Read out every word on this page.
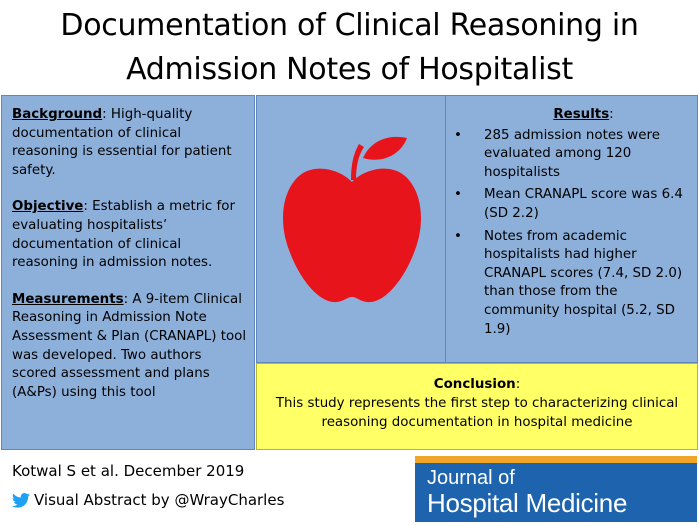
Documentation of Clinical Reasoning in
Admission Notes of Hospitalist

Background: High-quality documentation of clinical reasoning is essential for patient safety.

Objective: Establish a metric for evaluating hospitalists’ documentation of clinical reasoning in admission notes.

Measurements: A 9-item Clinical Reasoning in Admission Note Assessment & Plan (CRANAPL) tool was developed. Two authors scored assessment and plans (A&Ps) using this tool

Results:
• 285 admission notes were evaluated among 120 hospitalists
• Mean CRANAPL score was 6.4 (SD 2.2)
• Notes from academic hospitalists had higher CRANAPL scores (7.4, SD 2.0) than those from the community hospital (5.2, SD 1.9)
Conclusion:
This study represents the first step to characterizing clinical reasoning documentation in hospital medicine
Kotwal S et al. December 2019
Visual Abstract by @WrayCharles
Journal of
Hospital Medicine
